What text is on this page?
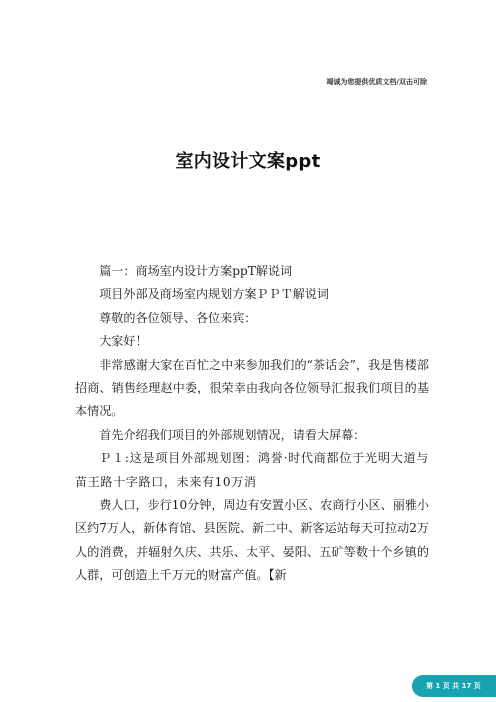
竭诚为您提供优质文档/双击可除
室内设计文案ppt

篇一：商场室内设计方案ppT解说词

项目外部及商场室内规划方案ＰＰＴ解说词

尊敬的各位领导、各位来宾：

大家好！

非常感谢大家在百忙之中来参加我们的“茶话会”，我是售楼部招商、销售经理赵中委，很荣幸由我向各位领导汇报我们项目的基本情况。

首先介绍我们项目的外部规划情况，请看大屏幕：

Ｐ１:这是项目外部规划图：鸿誉·时代商都位于光明大道与苗王路十字路口，未来有10万消

费人口，步行10分钟，周边有安置小区、农商行小区、丽雅小区约7万人，新体育馆、县医院、新二中、新客运站每天可拉动2万人的消费，并辐射久庆、共乐、太平、晏阳、五矿等数十个乡镇的人群，可创造上千万元的财富产值。【新

第 1 页 共 17 页
